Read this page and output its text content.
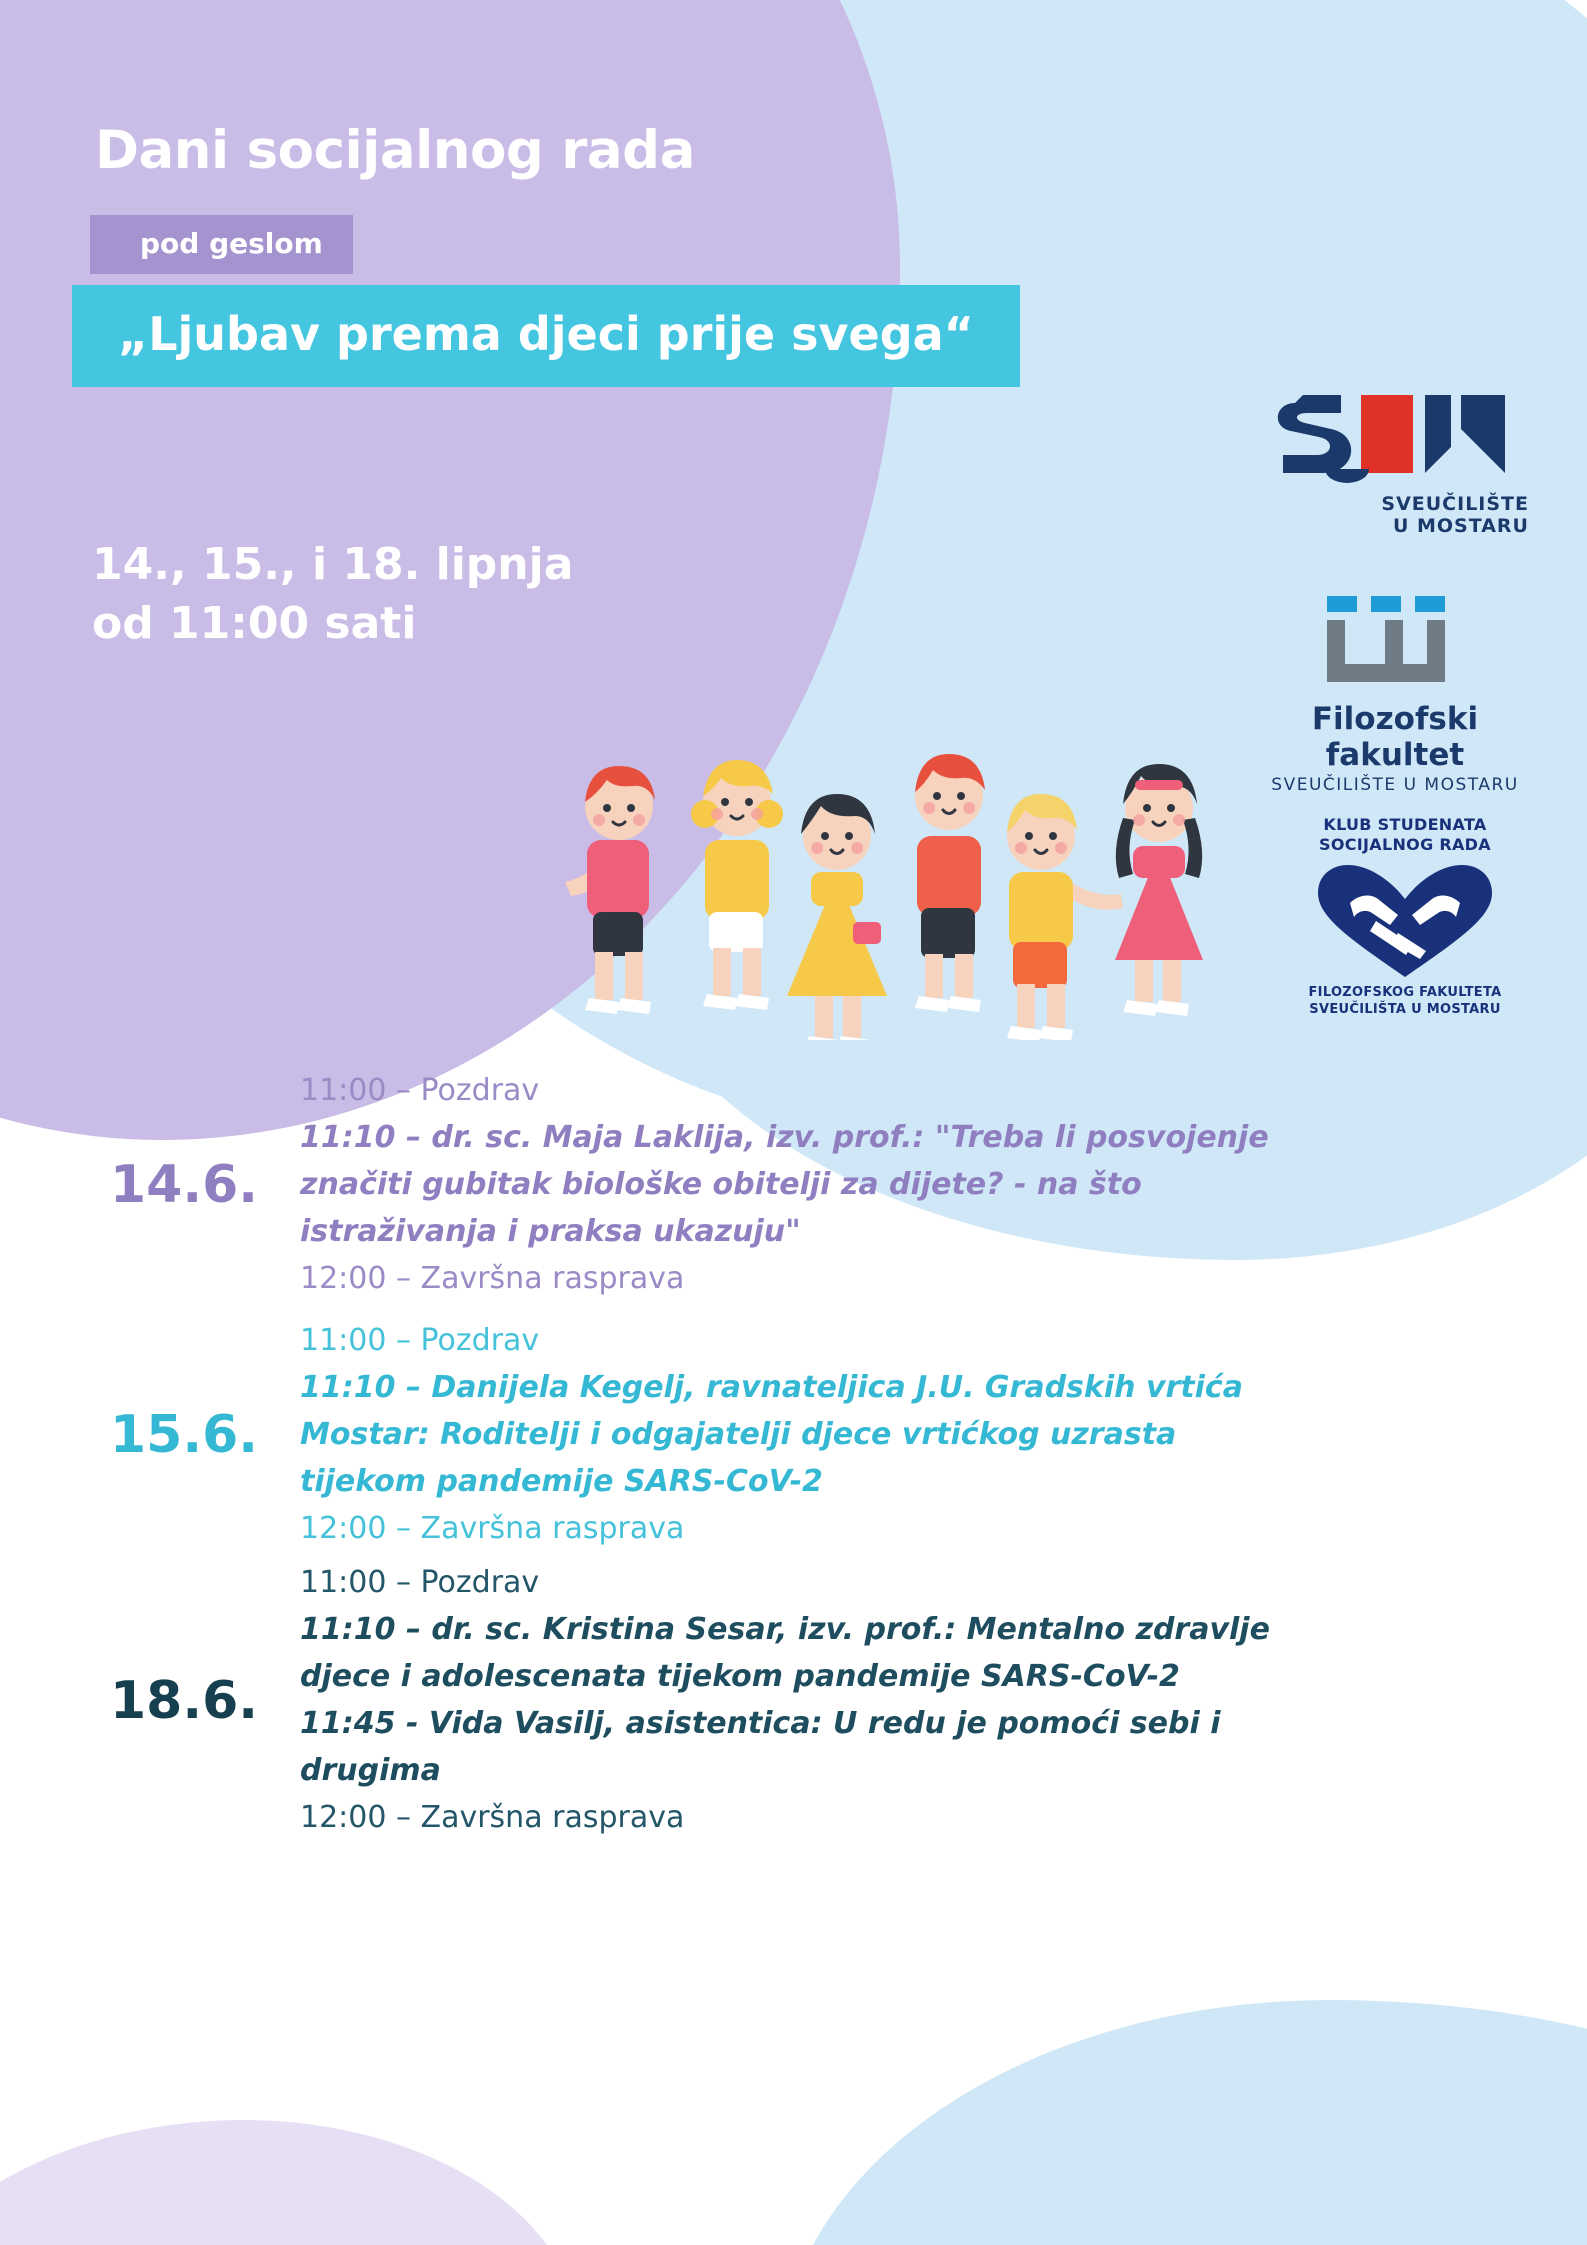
Dani socijalnog rada
pod geslom
„Ljubav prema djeci prije svega“
14., 15., i 18. lipnja
od 11:00 sati
SVEUČILIŠTE
U MOSTARU
Filozofski fakultet
SVEUČILIŠTE U MOSTARU
KLUB STUDENATA
SOCIJALNOG RADA
FILOZOFSKOG FAKULTETA
SVEUČILIŠTA U MOSTARU
14.6.
11:00 – Pozdrav
11:10 – dr. sc. Maja Laklija, izv. prof.: "Treba li posvojenje
značiti gubitak biološke obitelji za dijete? - na što
istraživanja i praksa ukazuju"
12:00 – Završna rasprava
15.6.
11:00 – Pozdrav
11:10 – Danijela Kegelj, ravnateljica J.U. Gradskih vrtića
Mostar: Roditelji i odgajatelji djece vrtićkog uzrasta
tijekom pandemije SARS-CoV-2
12:00 – Završna rasprava
18.6.
11:00 – Pozdrav
11:10 – dr. sc. Kristina Sesar, izv. prof.: Mentalno zdravlje
djece i adolescenata tijekom pandemije SARS-CoV-2
11:45 - Vida Vasilj, asistentica: U redu je pomoći sebi i
drugima
12:00 – Završna rasprava
